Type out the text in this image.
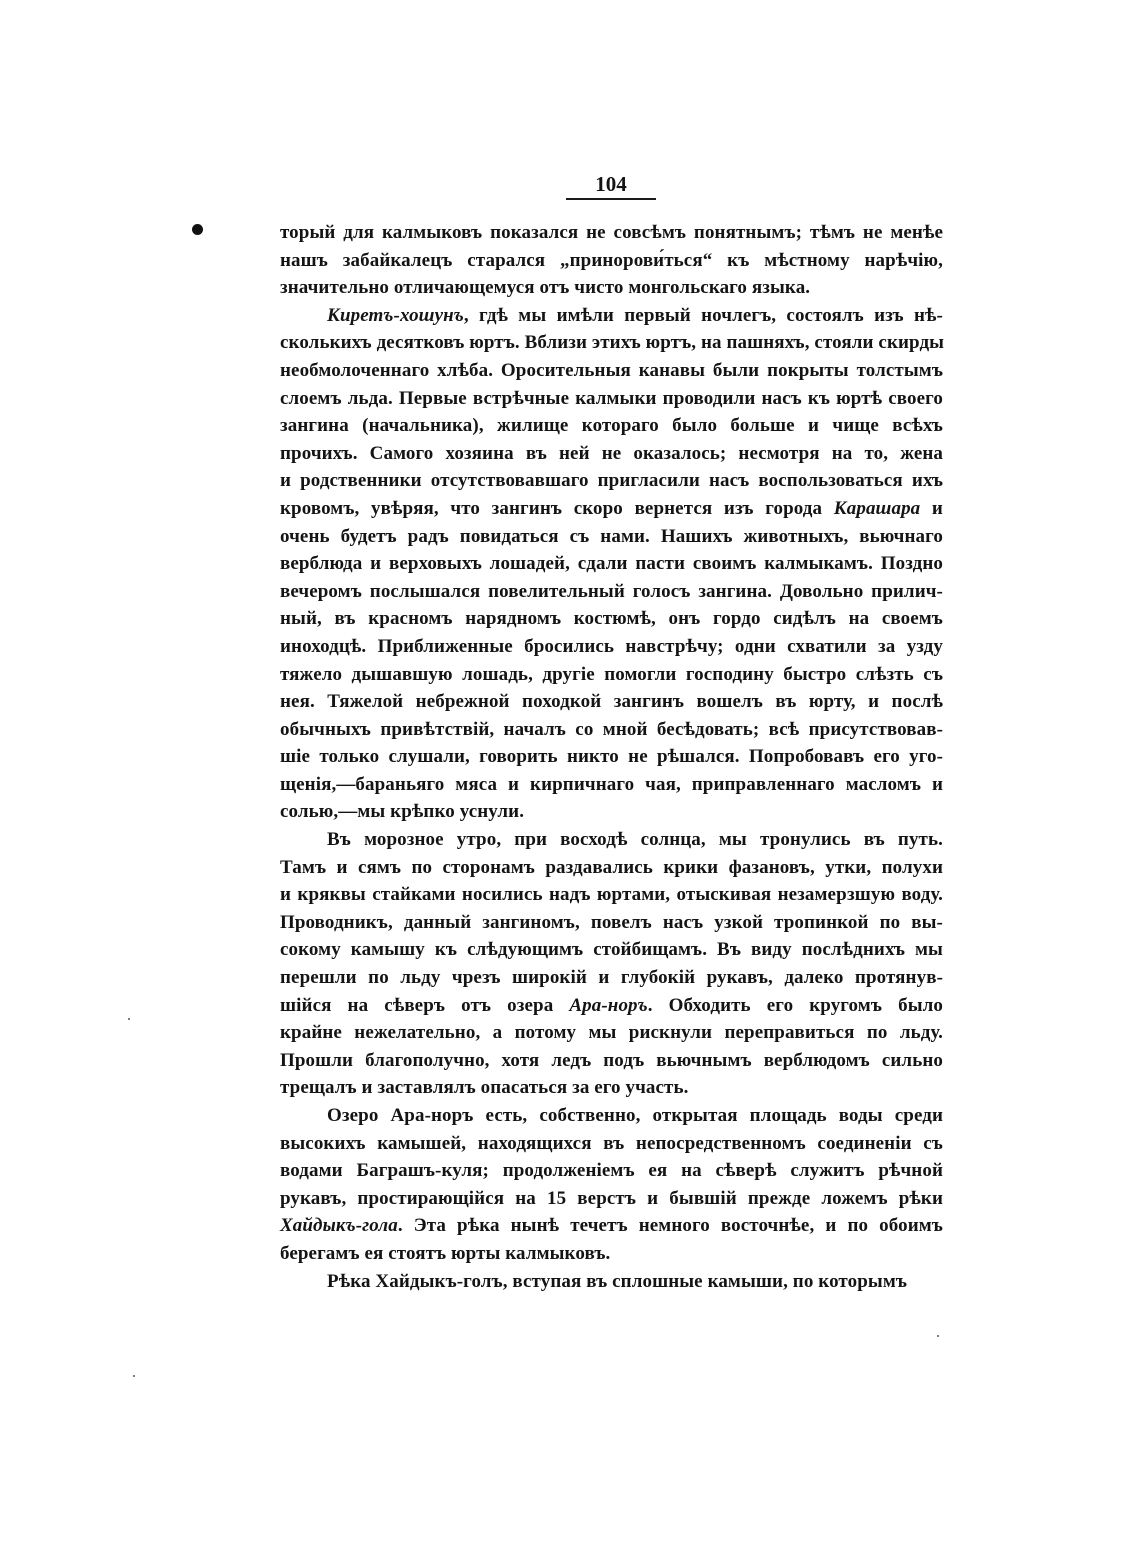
104
торый для калмыковъ показался не совсѣмъ понятнымъ; тѣмъ не менѣе
нашъ забайкалецъ старался „принорови́ться“ къ мѣстному нарѣчію,
значительно отличающемуся отъ чисто монгольскаго языка.
Киретъ-хошунъ, гдѣ мы имѣли первый ночлегъ, состоялъ изъ нѣ-
сколькихъ десятковъ юртъ. Вблизи этихъ юртъ, на пашняхъ, стояли скирды
необмолоченнаго хлѣба. Оросительныя канавы были покрыты толстымъ
слоемъ льда. Первые встрѣчные калмыки проводили насъ къ юртѣ своего
зангина (начальника), жилище котораго было больше и чище всѣхъ
прочихъ. Самого хозяина въ ней не оказалось; несмотря на то, жена
и родственники отсутствовавшаго пригласили насъ воспользоваться ихъ
кровомъ, увѣряя, что зангинъ скоро вернется изъ города Карашара и
очень будетъ радъ повидаться съ нами. Нашихъ животныхъ, вьючнаго
верблюда и верховыхъ лошадей, сдали пасти своимъ калмыкамъ. Поздно
вечеромъ послышался повелительный голосъ зангина. Довольно прилич-
ный, въ красномъ нарядномъ костюмѣ, онъ гордо сидѣлъ на своемъ
иноходцѣ. Приближенные бросились навстрѣчу; одни схватили за узду
тяжело дышавшую лошадь, другіе помогли господину быстро слѣзть съ
нея. Тяжелой небрежной походкой зангинъ вошелъ въ юрту, и послѣ
обычныхъ привѣтствій, началъ со мной бесѣдовать; всѣ присутствовав-
шіе только слушали, говорить никто не рѣшался. Попробовавъ его уго-
щенія,—бараньяго мяса и кирпичнаго чая, приправленнаго масломъ и
солью,—мы крѣпко уснули.
Въ морозное утро, при восходѣ солнца, мы тронулись въ путь.
Тамъ и сямъ по сторонамъ раздавались крики фазановъ, утки, полухи
и кряквы стайками носились надъ юртами, отыскивая незамерзшую воду.
Проводникъ, данный зангиномъ, повелъ насъ узкой тропинкой по вы-
сокому камышу къ слѣдующимъ стойбищамъ. Въ виду послѣднихъ мы
перешли по льду чрезъ широкій и глубокій рукавъ, далеко протянув-
шійся на сѣверъ отъ озера Ара-норъ. Обходить его кругомъ было
крайне нежелательно, а потому мы рискнули переправиться по льду.
Прошли благополучно, хотя ледъ подъ вьючнымъ верблюдомъ сильно
трещалъ и заставлялъ опасаться за его участь.
Озеро Ара-норъ есть, собственно, открытая площадь воды среди
высокихъ камышей, находящихся въ непосредственномъ соединеніи съ
водами Баграшъ-куля; продолженіемъ ея на сѣверѣ служитъ рѣчной
рукавъ, простирающійся на 15 верстъ и бывшій прежде ложемъ рѣки
Хайдыкъ-гола. Эта рѣка нынѣ течетъ немного восточнѣе, и по обоимъ
берегамъ ея стоятъ юрты калмыковъ.
Рѣка Хайдыкъ-голъ, вступая въ сплошные камыши, по которымъ
